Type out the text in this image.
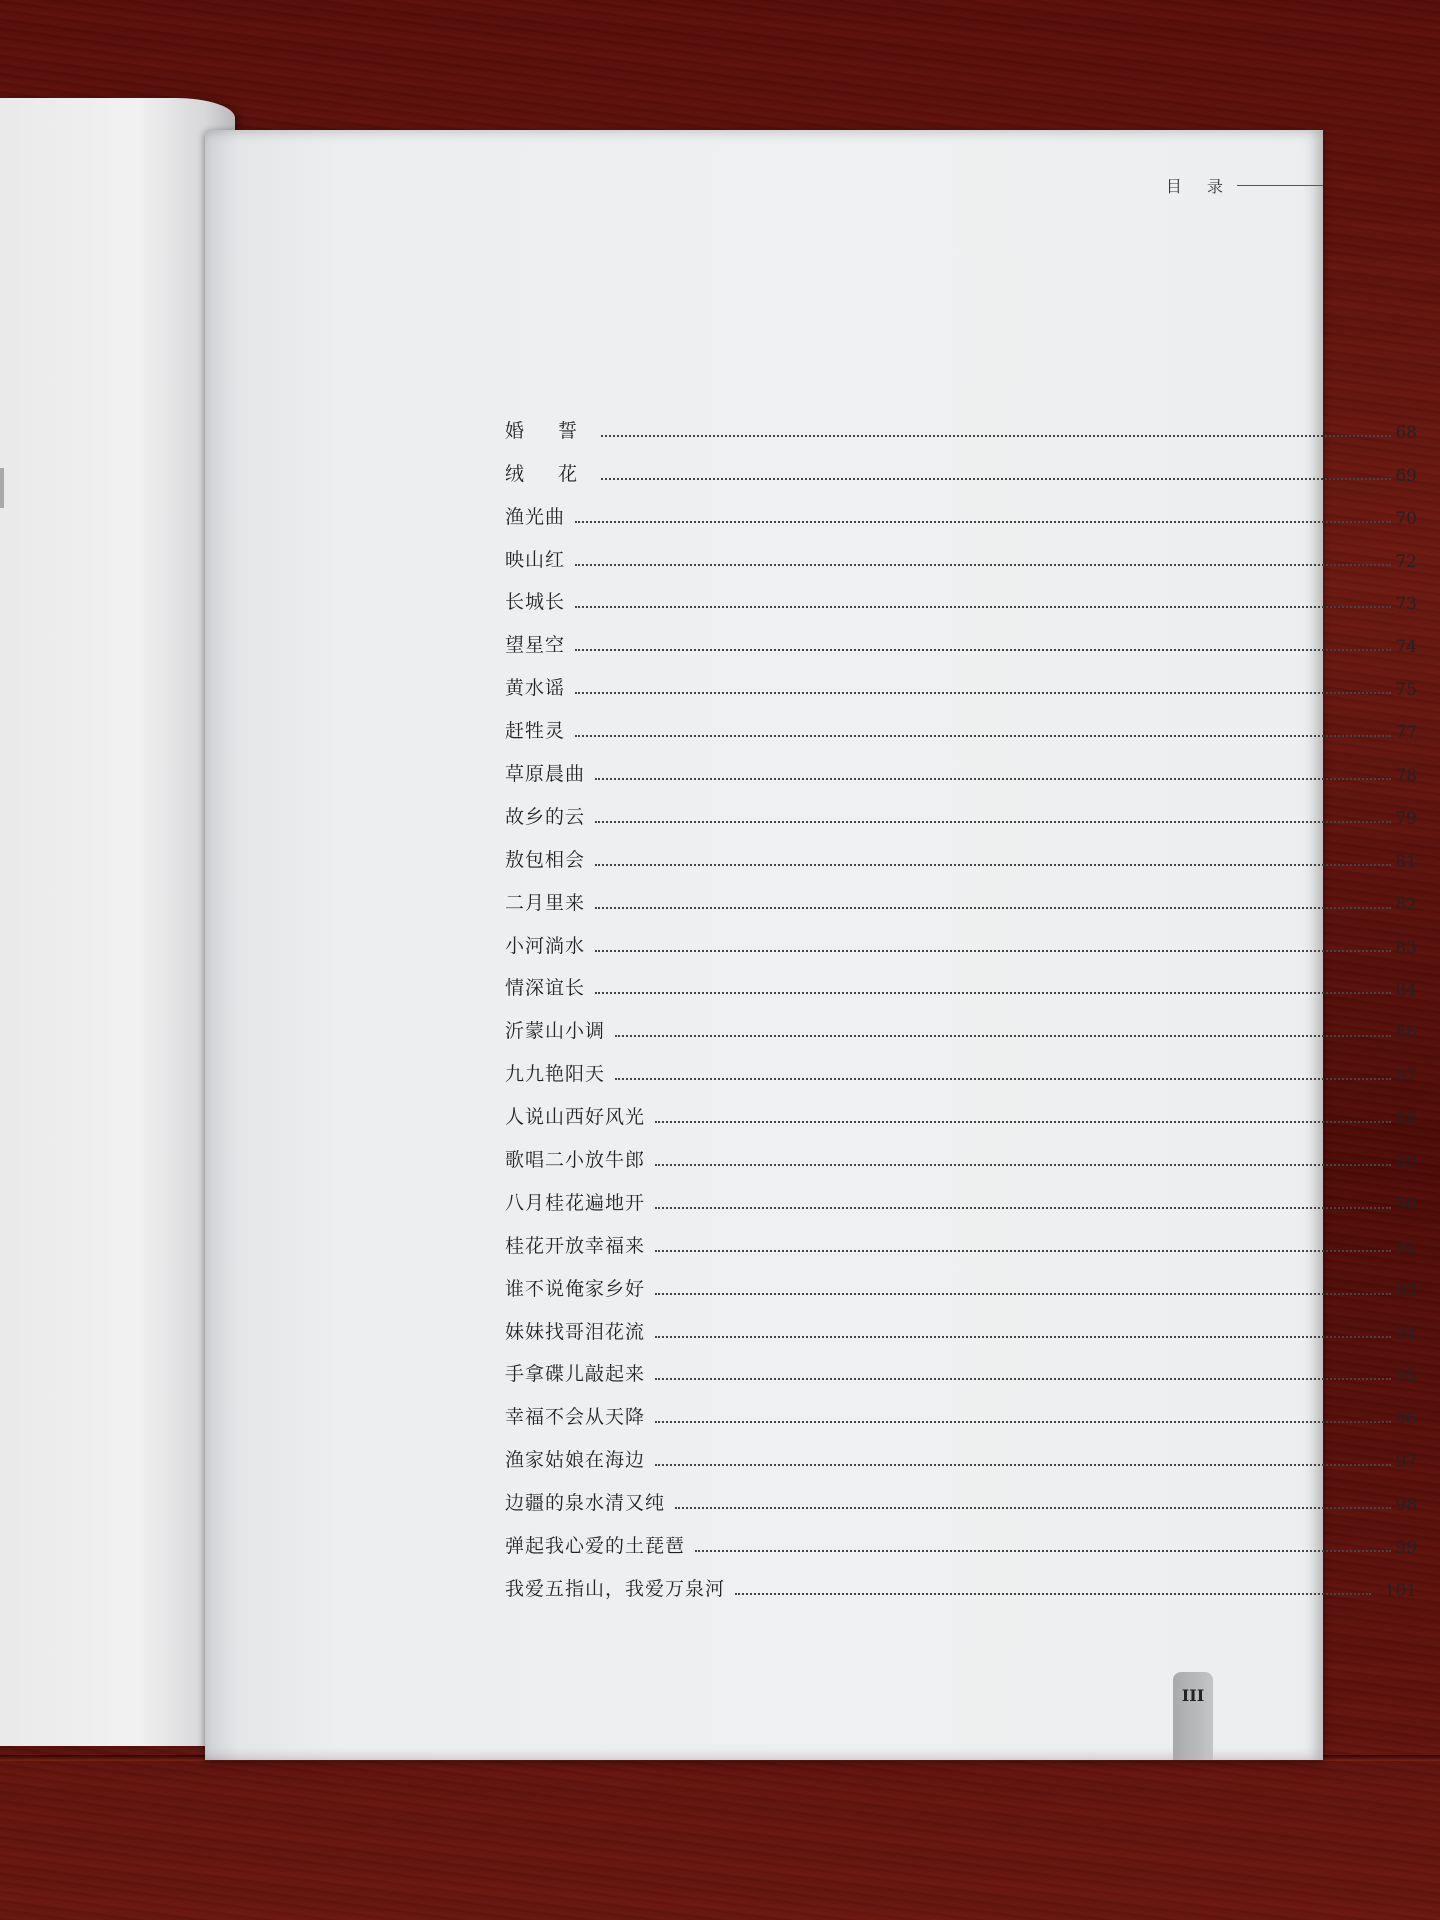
目 录
婚 誓	68
绒 花	69
渔光曲	70
映山红	72
长城长	73
望星空	74
黄水谣	75
赶牲灵	77
草原晨曲	78
故乡的云	79
敖包相会	81
二月里来	82
小河淌水	83
情深谊长	84
沂蒙山小调	86
九九艳阳天	87
人说山西好风光	88
歌唱二小放牛郎	89
八月桂花遍地开	90
桂花开放幸福来	91
谁不说俺家乡好	93
妹妹找哥泪花流	94
手拿碟儿敲起来	95
幸福不会从天降	96
渔家姑娘在海边	97
边疆的泉水清又纯	98
弹起我心爱的土琵琶	99
我爱五指山，我爱万泉河	101
III
